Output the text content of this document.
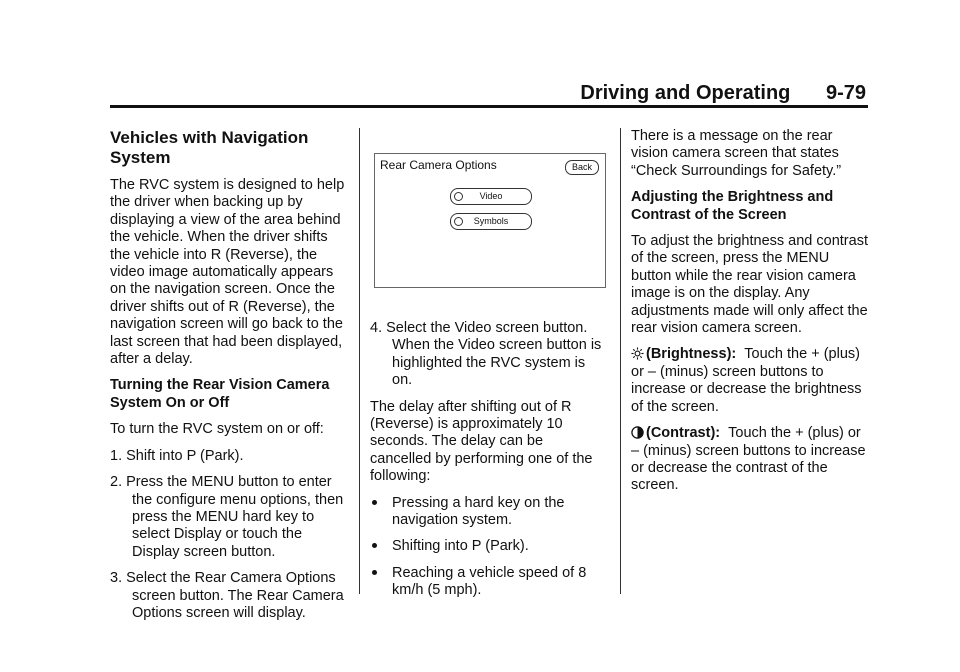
Driving and Operating 9-79
Vehicles with Navigation System

The RVC system is designed to help the driver when backing up by displaying a view of the area behind the vehicle. When the driver shifts the vehicle into R (Reverse), the video image automatically appears on the navigation screen. Once the driver shifts out of R (Reverse), the navigation screen will go back to the last screen that had been displayed, after a delay.

Turning the Rear Vision Camera System On or Off

To turn the RVC system on or off:

1. Shift into P (Park).
2. Press the MENU button to enter the configure menu options, then press the MENU hard key to select Display or touch the Display screen button.
3. Select the Rear Camera Options screen button. The Rear Camera Options screen will display.
Rear Camera Options	Back
Video
Symbols
4. Select the Video screen button. When the Video screen button is highlighted the RVC system is on.

The delay after shifting out of R (Reverse) is approximately 10 seconds. The delay can be cancelled by performing one of the following:

Pressing a hard key on the navigation system.
Shifting into P (Park).
Reaching a vehicle speed of 8 km/h (5 mph).

There is a message on the rear vision camera screen that states “Check Surroundings for Safety.”

Adjusting the Brightness and Contrast of the Screen

To adjust the brightness and contrast of the screen, press the MENU button while the rear vision camera image is on the display. Any adjustments made will only affect the rear vision camera screen.

(Brightness): Touch the + (plus) or – (minus) screen buttons to increase or decrease the brightness of the screen.

(Contrast): Touch the + (plus) or – (minus) screen buttons to increase or decrease the contrast of the screen.
